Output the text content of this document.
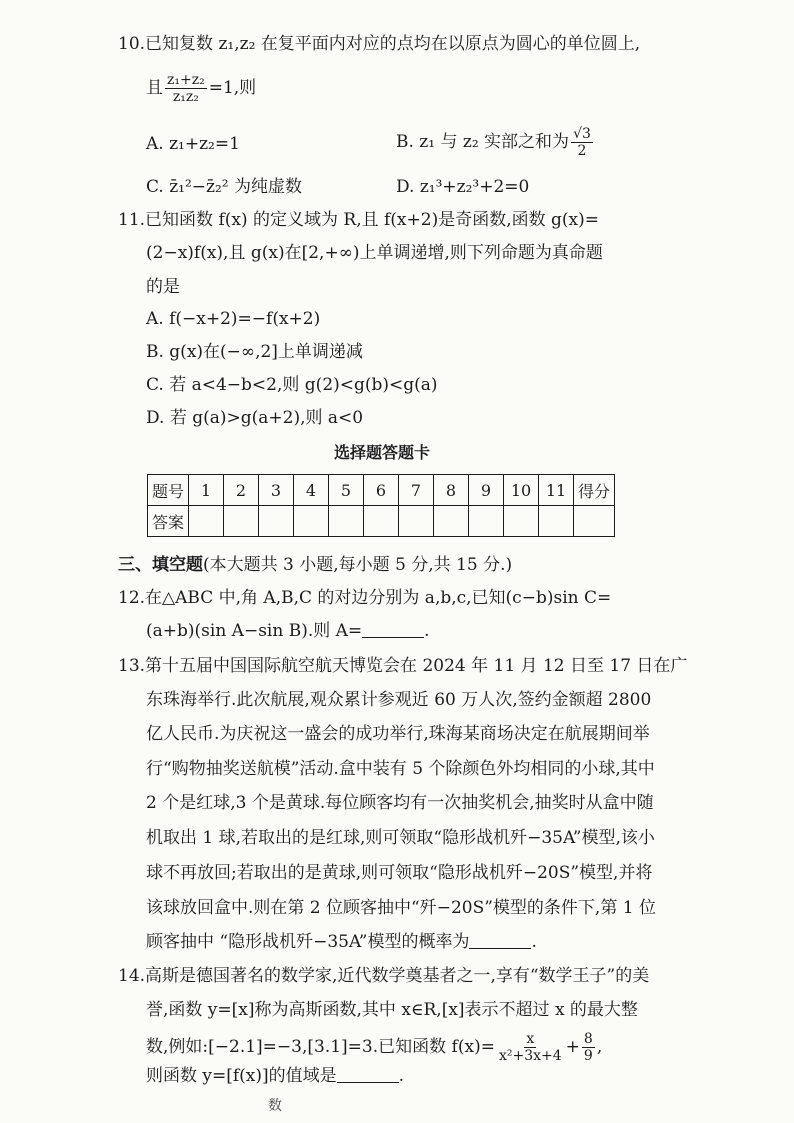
10.已知复数 z₁,z₂ 在复平面内对应的点均在以原点为圆心的单位圆上,
且 $\frac{\text{z₁+z₂}}{\text{z₁z₂}} =1$,则
A. z₁+z₂=1	B. z₁ 与 z₂ 实部之和为 $\frac{√3}{2}$
C. z̄₁²−z̄₂² 为纯虚数	D. z₁³+z₂³+2=0
11.已知函数 f(x) 的定义域为 R,且 f(x+2)是奇函数,函数 g(x)=
(2−x)f(x),且 g(x)在[2,+∞)上单调递增,则下列命题为真命题
的是
A. f(−x+2)=−f(x+2)
B. g(x)在(−∞,2]上单调递减
C. 若 a<4−b<2,则 g(2)<g(b)<g(a)
D. 若 g(a)>g(a+2),则 a<0
选择题答题卡
题号	1	2	3	4	5	6	7	8	9	10	11	得分
答案												
三、填空题(本大题共 3 小题,每小题 5 分,共 15 分.)
12.在△ABC 中,角 A,B,C 的对边分别为 a,b,c,已知(c−b)sin C=
(a+b)(sin A−sin B).则 A=	.
13.第十五届中国国际航空航天博览会在 2024 年 11 月 12 日至 17 日在广
东珠海举行.此次航展,观众累计参观近 60 万人次,签约金额超 2800
亿人民币.为庆祝这一盛会的成功举行,珠海某商场决定在航展期间举
行“购物抽奖送航模”活动.盒中装有 5 个除颜色外均相同的小球,其中
2 个是红球,3 个是黄球.每位顾客均有一次抽奖机会,抽奖时从盒中随
机取出 1 球,若取出的是红球,则可领取“隐形战机歼−35A”模型,该小
球不再放回;若取出的是黄球,则可领取“隐形战机歼−20S”模型,并将
该球放回盒中.则在第 2 位顾客抽中“歼−20S”模型的条件下,第 1 位
顾客抽中 “隐形战机歼−35A”模型的概率为	.
14.高斯是德国著名的数学家,近代数学奠基者之一,享有“数学王子”的美
誉,函数 y=[x]称为高斯函数,其中 x∈R,[x]表示不超过 x 的最大整
数,例如:[−2.1]=−3,[3.1]=3.已知函数 $f(x)= \frac{x}{\text{x²+3x+4}} + \frac{8}{9}$ ,
则函数 y=[f(x)]的值域是	.
数
